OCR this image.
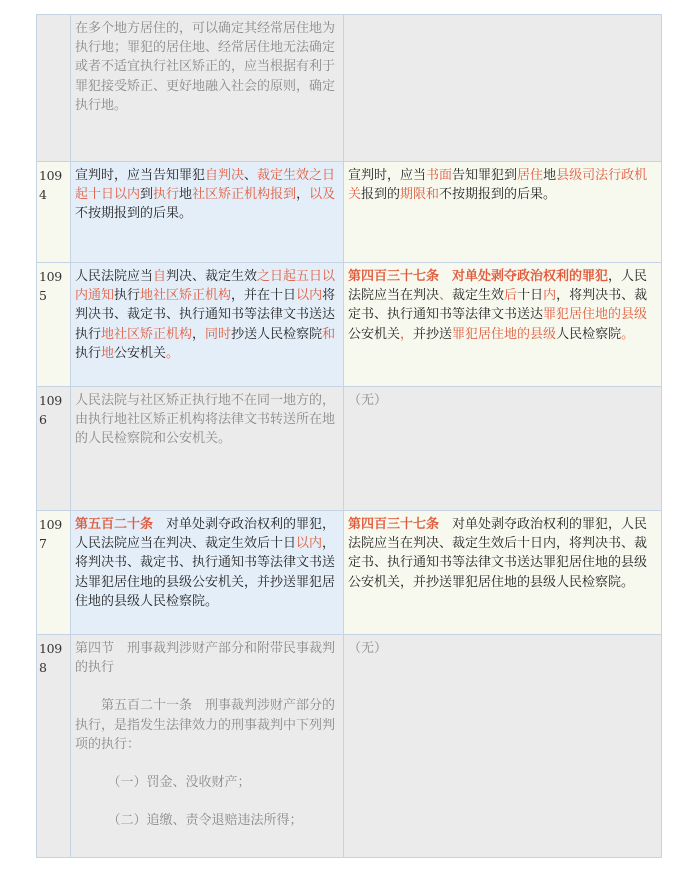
	在多个地方居住的，可以确定其经常居住地为执行地；罪犯的居住地、经常居住地无法确定或者不适宜执行社区矫正的，应当根据有利于罪犯接受矫正、更好地融入社会的原则，确定执行地。	
1094	宣判时，应当告知罪犯自判决、裁定生效之日起十日以内到执行地社区矫正机构报到，以及不按期报到的后果。	宣判时，应当书面告知罪犯到居住地县级司法行政机关报到的期限和不按期报到的后果。
1095	人民法院应当自判决、裁定生效之日起五日以内通知执行地社区矫正机构，并在十日以内将判决书、裁定书、执行通知书等法律文书送达执行地社区矫正机构，同时抄送人民检察院和执行地公安机关。	第四百三十七条　对单处剥夺政治权利的罪犯，人民法院应当在判决、裁定生效后十日内，将判决书、裁定书、执行通知书等法律文书送达罪犯居住地的县级公安机关，并抄送罪犯居住地的县级人民检察院。
1096	人民法院与社区矫正执行地不在同一地方的，由执行地社区矫正机构将法律文书转送所在地的人民检察院和公安机关。	（无）
1097	第五百二十条　对单处剥夺政治权利的罪犯，人民法院应当在判决、裁定生效后十日以内，将判决书、裁定书、执行通知书等法律文书送达罪犯居住地的县级公安机关，并抄送罪犯居住地的县级人民检察院。	第四百三十七条　对单处剥夺政治权利的罪犯，人民法院应当在判决、裁定生效后十日内，将判决书、裁定书、执行通知书等法律文书送达罪犯居住地的县级公安机关，并抄送罪犯居住地的县级人民检察院。
1098	第四节　刑事裁判涉财产部分和附带民事裁判的执行
第五百二十一条　刑事裁判涉财产部分的执行，是指发生法律效力的刑事裁判中下列判项的执行：
（一）罚金、没收财产；
（二）追缴、责令退赔违法所得；	（无）
